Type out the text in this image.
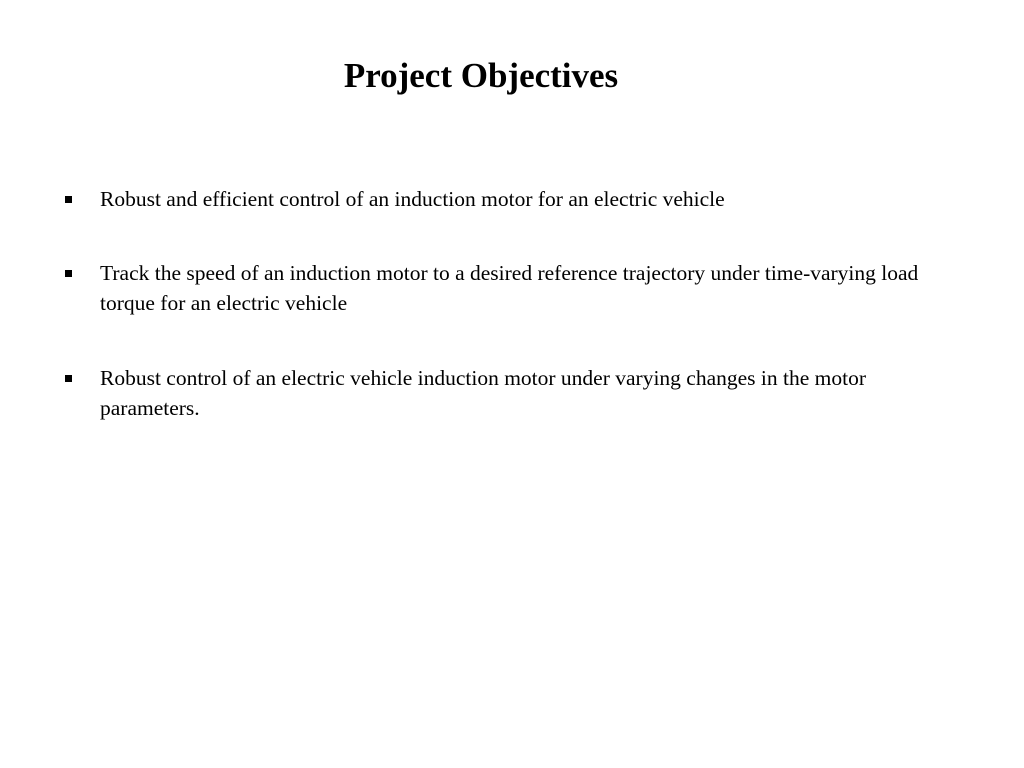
Project Objectives
Robust and efficient control of an induction motor for an electric vehicle
Track the speed of an induction motor to a desired reference trajectory under time-varying load torque for an electric vehicle
Robust control of an electric vehicle induction motor under varying changes in the motor parameters.
